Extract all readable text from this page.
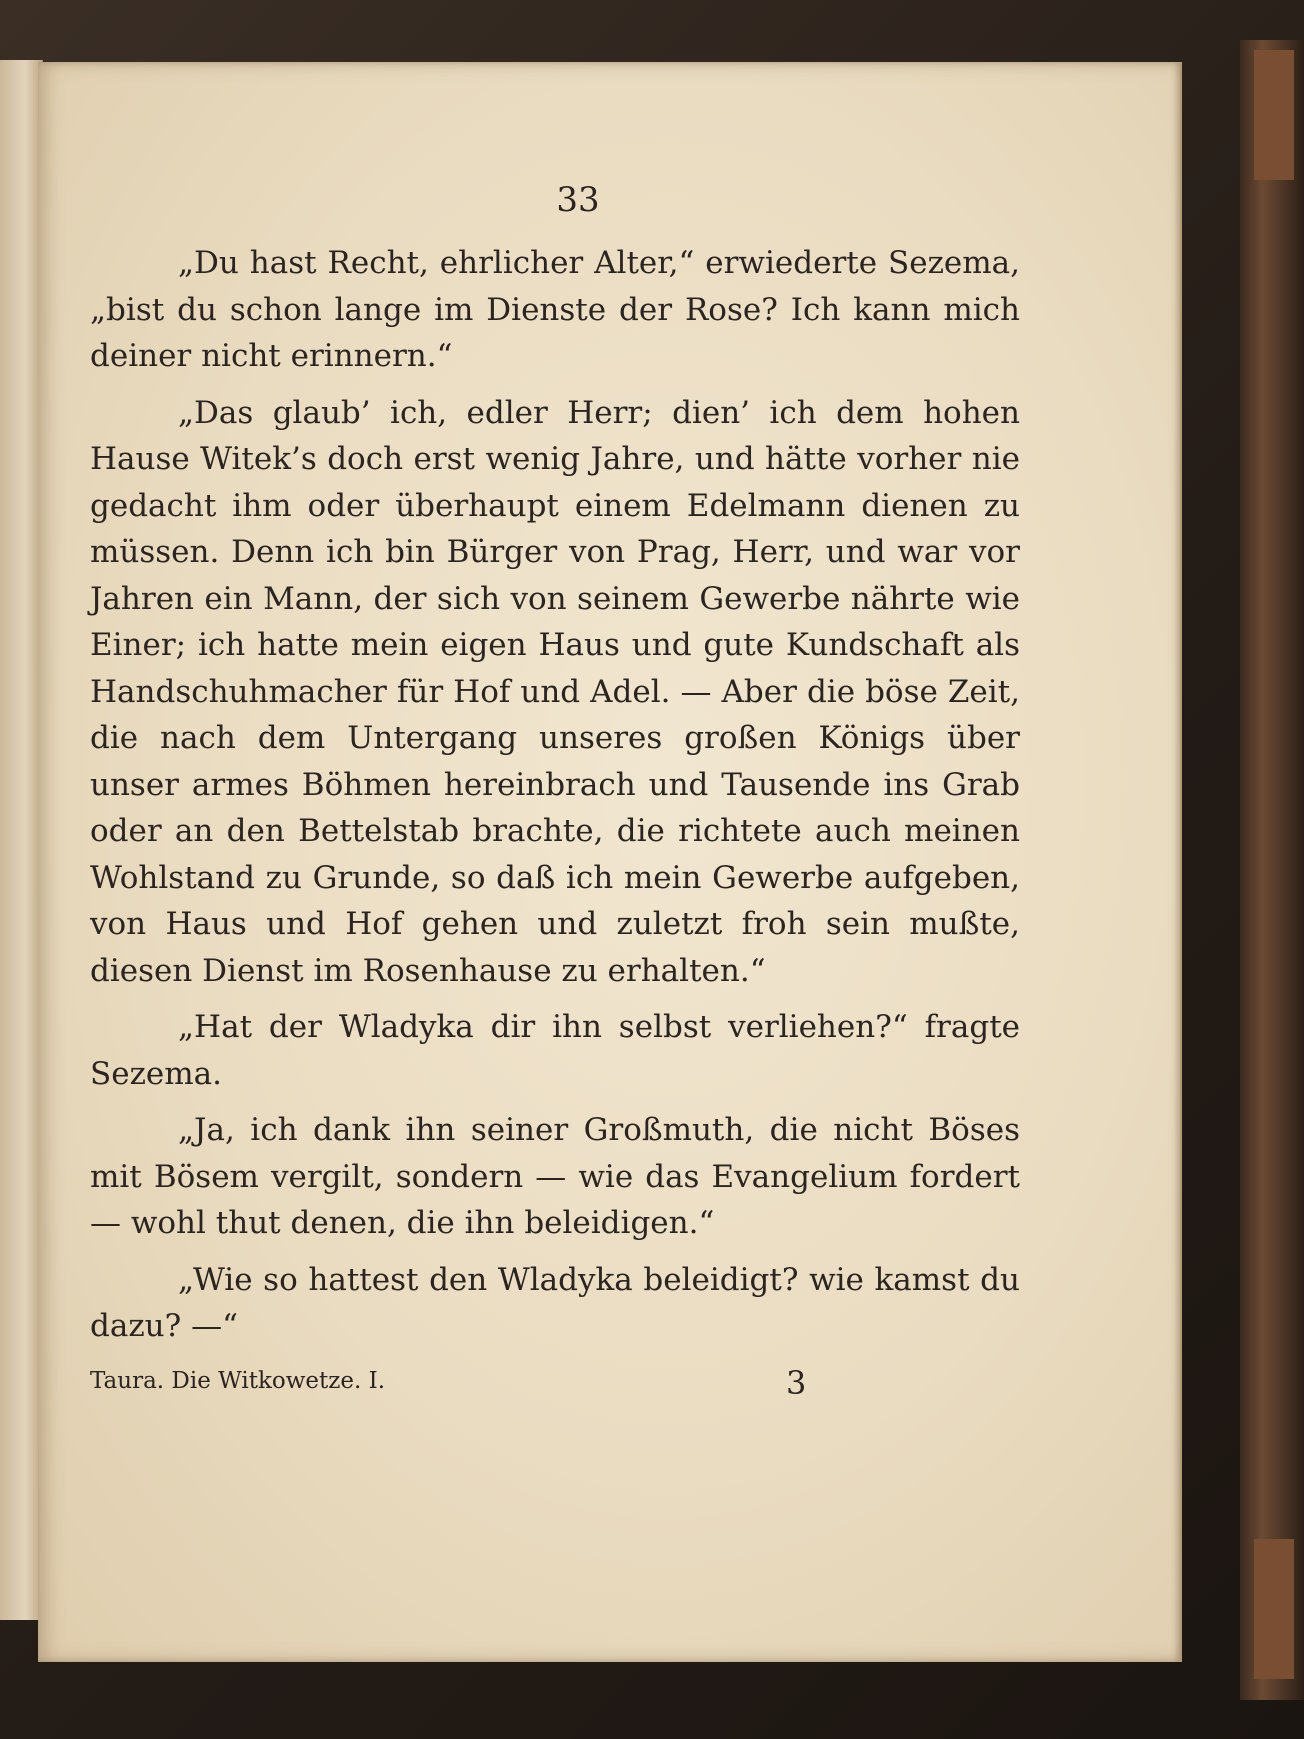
33

„Du hast Recht, ehrlicher Alter,“ erwiederte Sezema, „bist du schon lange im Dienste der Rose? Ich kann mich deiner nicht erinnern.“

„Das glaub’ ich, edler Herr; dien’ ich dem hohen Hause Witek’s doch erst wenig Jahre, und hätte vorher nie gedacht ihm oder überhaupt einem Edelmann dienen zu müssen. Denn ich bin Bürger von Prag, Herr, und war vor Jahren ein Mann, der sich von seinem Gewerbe nährte wie Einer; ich hatte mein eigen Haus und gute Kundschaft als Handschuhmacher für Hof und Adel. — Aber die böse Zeit, die nach dem Untergang unseres großen Königs über unser armes Böhmen hereinbrach und Tausende ins Grab oder an den Bettelstab brachte, die richtete auch meinen Wohlstand zu Grunde, so daß ich mein Gewerbe aufgeben, von Haus und Hof gehen und zuletzt froh sein mußte, diesen Dienst im Rosenhause zu erhalten.“

„Hat der Wladyka dir ihn selbst verliehen?“ fragte Sezema.

„Ja, ich dank ihn seiner Großmuth, die nicht Böses mit Bösem vergilt, sondern — wie das Evangelium fordert — wohl thut denen, die ihn beleidigen.“

„Wie so hattest den Wladyka beleidigt? wie kamst du dazu? —“

Taura. Die Witkowetze. I.	3
